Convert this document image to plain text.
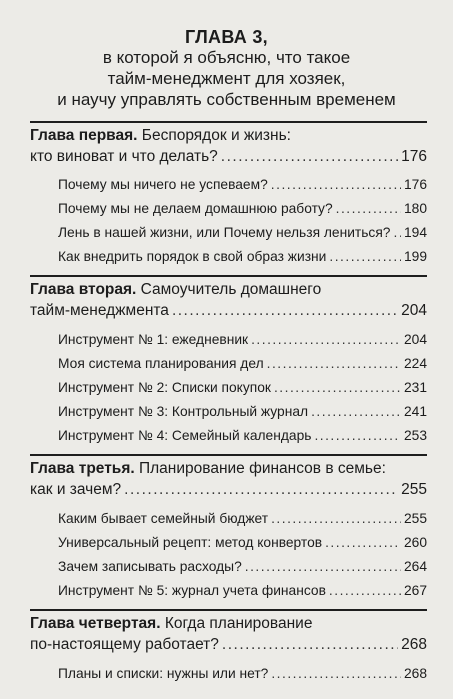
ГЛАВА 3,
в которой я объясню, что такое
тайм-менеджмент для хозяек,
и научу управлять собственным временем
Глава первая. Беспорядок и жизнь:
кто виноват и что делать? .....	176
Почему мы ничего не успеваем? .....	176
Почему мы не делаем домашнюю работу? .....	180
Лень в нашей жизни, или Почему нельзя лениться? ..... 194
Как внедрить порядок в свой образ жизни .....	199
Глава вторая. Самоучитель домашнего
тайм-менеджмента .....	204
Инструмент № 1: ежедневник .....	204
Моя система планирования дел .....	224
Инструмент № 2: Списки покупок .....	231
Инструмент № 3: Контрольный журнал .....	241
Инструмент № 4: Семейный календарь .....	253
Глава третья. Планирование финансов в семье:
как и зачем? .....	255
Каким бывает семейный бюджет .....	255
Универсальный рецепт: метод конвертов .....	260
Зачем записывать расходы? .....	264
Инструмент № 5: журнал учета финансов .....	267
Глава четвертая. Когда планирование
по-настоящему работает? .....	268
Планы и списки: нужны или нет? .....	268
